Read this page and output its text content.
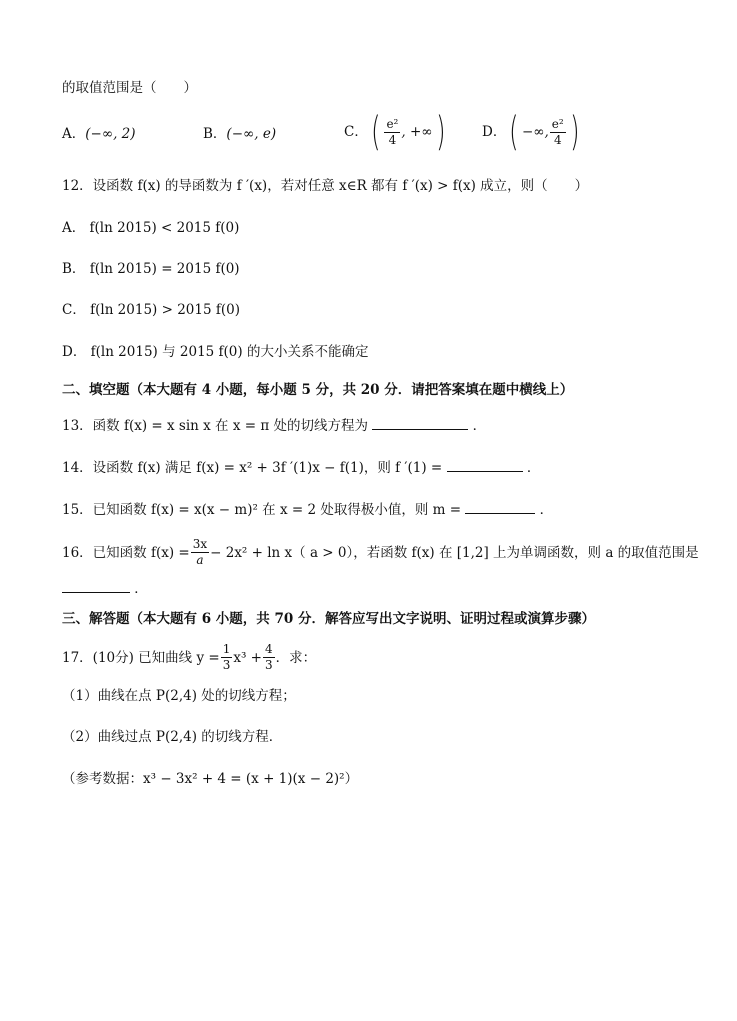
的取值范围是（　　）
A．(−∞, 2)	B．(−∞, e)	C． ( $\frac{\text{e²}}{4}$ , +∞ )	D． ( −∞, $\frac{\text{e²}}{4}$ )
12．设函数 f(x) 的导函数为 f ′(x)，若对任意 x∈R 都有 f ′(x) > f(x) 成立，则（　　）
A． f(ln 2015) < 2015 f(0)
B． f(ln 2015) = 2015 f(0)
C． f(ln 2015) > 2015 f(0)
D． f(ln 2015) 与 2015 f(0) 的大小关系不能确定
二、填空题（本大题有 4 小题，每小题 5 分，共 20 分．请把答案填在题中横线上）
13．函数 f(x) = x sin x 在 x = π 处的切线方程为	．
14．设函数 f(x) 满足 f(x) = x² + 3f ′(1)x − f(1)，则 f ′(1) =	．
15．已知函数 f(x) = x(x − m)² 在 x = 2 处取得极小值，则 m =	．
16．已知函数 $f(x) = \frac{3x}{a} - 2x^2 + \ln x$（ a > 0），若函数 f(x) 在 [1,2] 上为单调函数，则 a 的取值范围是
．
三、解答题（本大题有 6 小题，共 70 分．解答应写出文字说明、证明过程或演算步骤）
17．(10分) 已知曲线 $y = \frac{1}{3} x^3 + \frac{4}{3}$ ．求：
（1）曲线在点 P(2,4) 处的切线方程；
（2）曲线过点 P(2,4) 的切线方程．
（参考数据：x³ − 3x² + 4 = (x + 1)(x − 2)²）
